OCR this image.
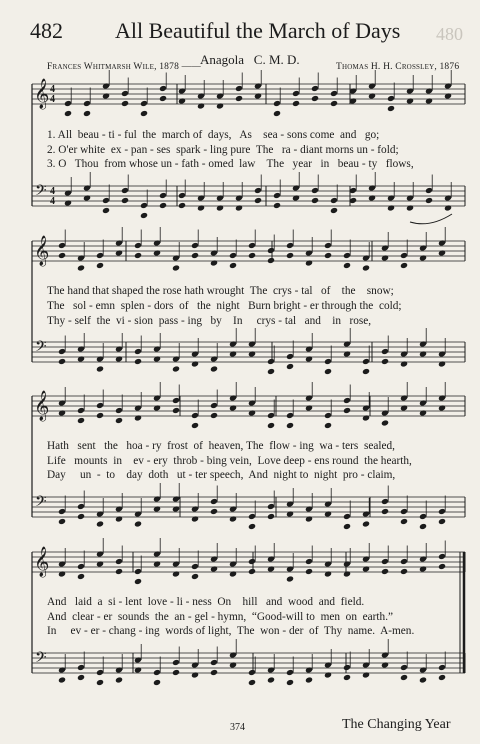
482 All Beautiful the March of Days 480
Anagola C. M. D.
Frances Whitmarsh Wile, 1878 ——	Thomas H. H. Crossley, 1876
𝄞 4
4
𝄢 4
4
𝄞
𝄢
𝄞
𝄢
𝄞
𝄢
1. All  beau - ti - ful  the  march of  days,   As    sea - sons come  and   go;
2. O'er white  ex - pan - ses  spark - ling pure  The   ra - diant morns un - fold;
3. O   Thou  from whose un - fath - omed  law    The   year   in   beau - ty   flows,
The hand that shaped the rose hath wrought  The  crys - tal   of    the    snow;
The   sol - emn  splen - dors  of   the  night   Burn bright - er through the  cold;
Thy - self  the  vi - sion  pass - ing   by    In     crys - tal   and    in   rose,
Hath   sent   the   hoa - ry  frost  of  heaven, The  flow - ing  wa - ters  sealed,
Life   mounts  in    ev - ery  throb - bing vein,  Love deep - ens round  the hearth,
Day     un  -  to    day  doth   ut - ter speech,  And  night to  night  pro - claim,
And   laid  a  si - lent  love - li - ness  On    hill   and  wood  and  field.
And  clear - er  sounds  the  an - gel - hymn,  “Good-will to  men  on  earth.”
In     ev - er - chang - ing  words of light,  The  won - der  of  Thy  name.  A-men.
374	The Changing Year
